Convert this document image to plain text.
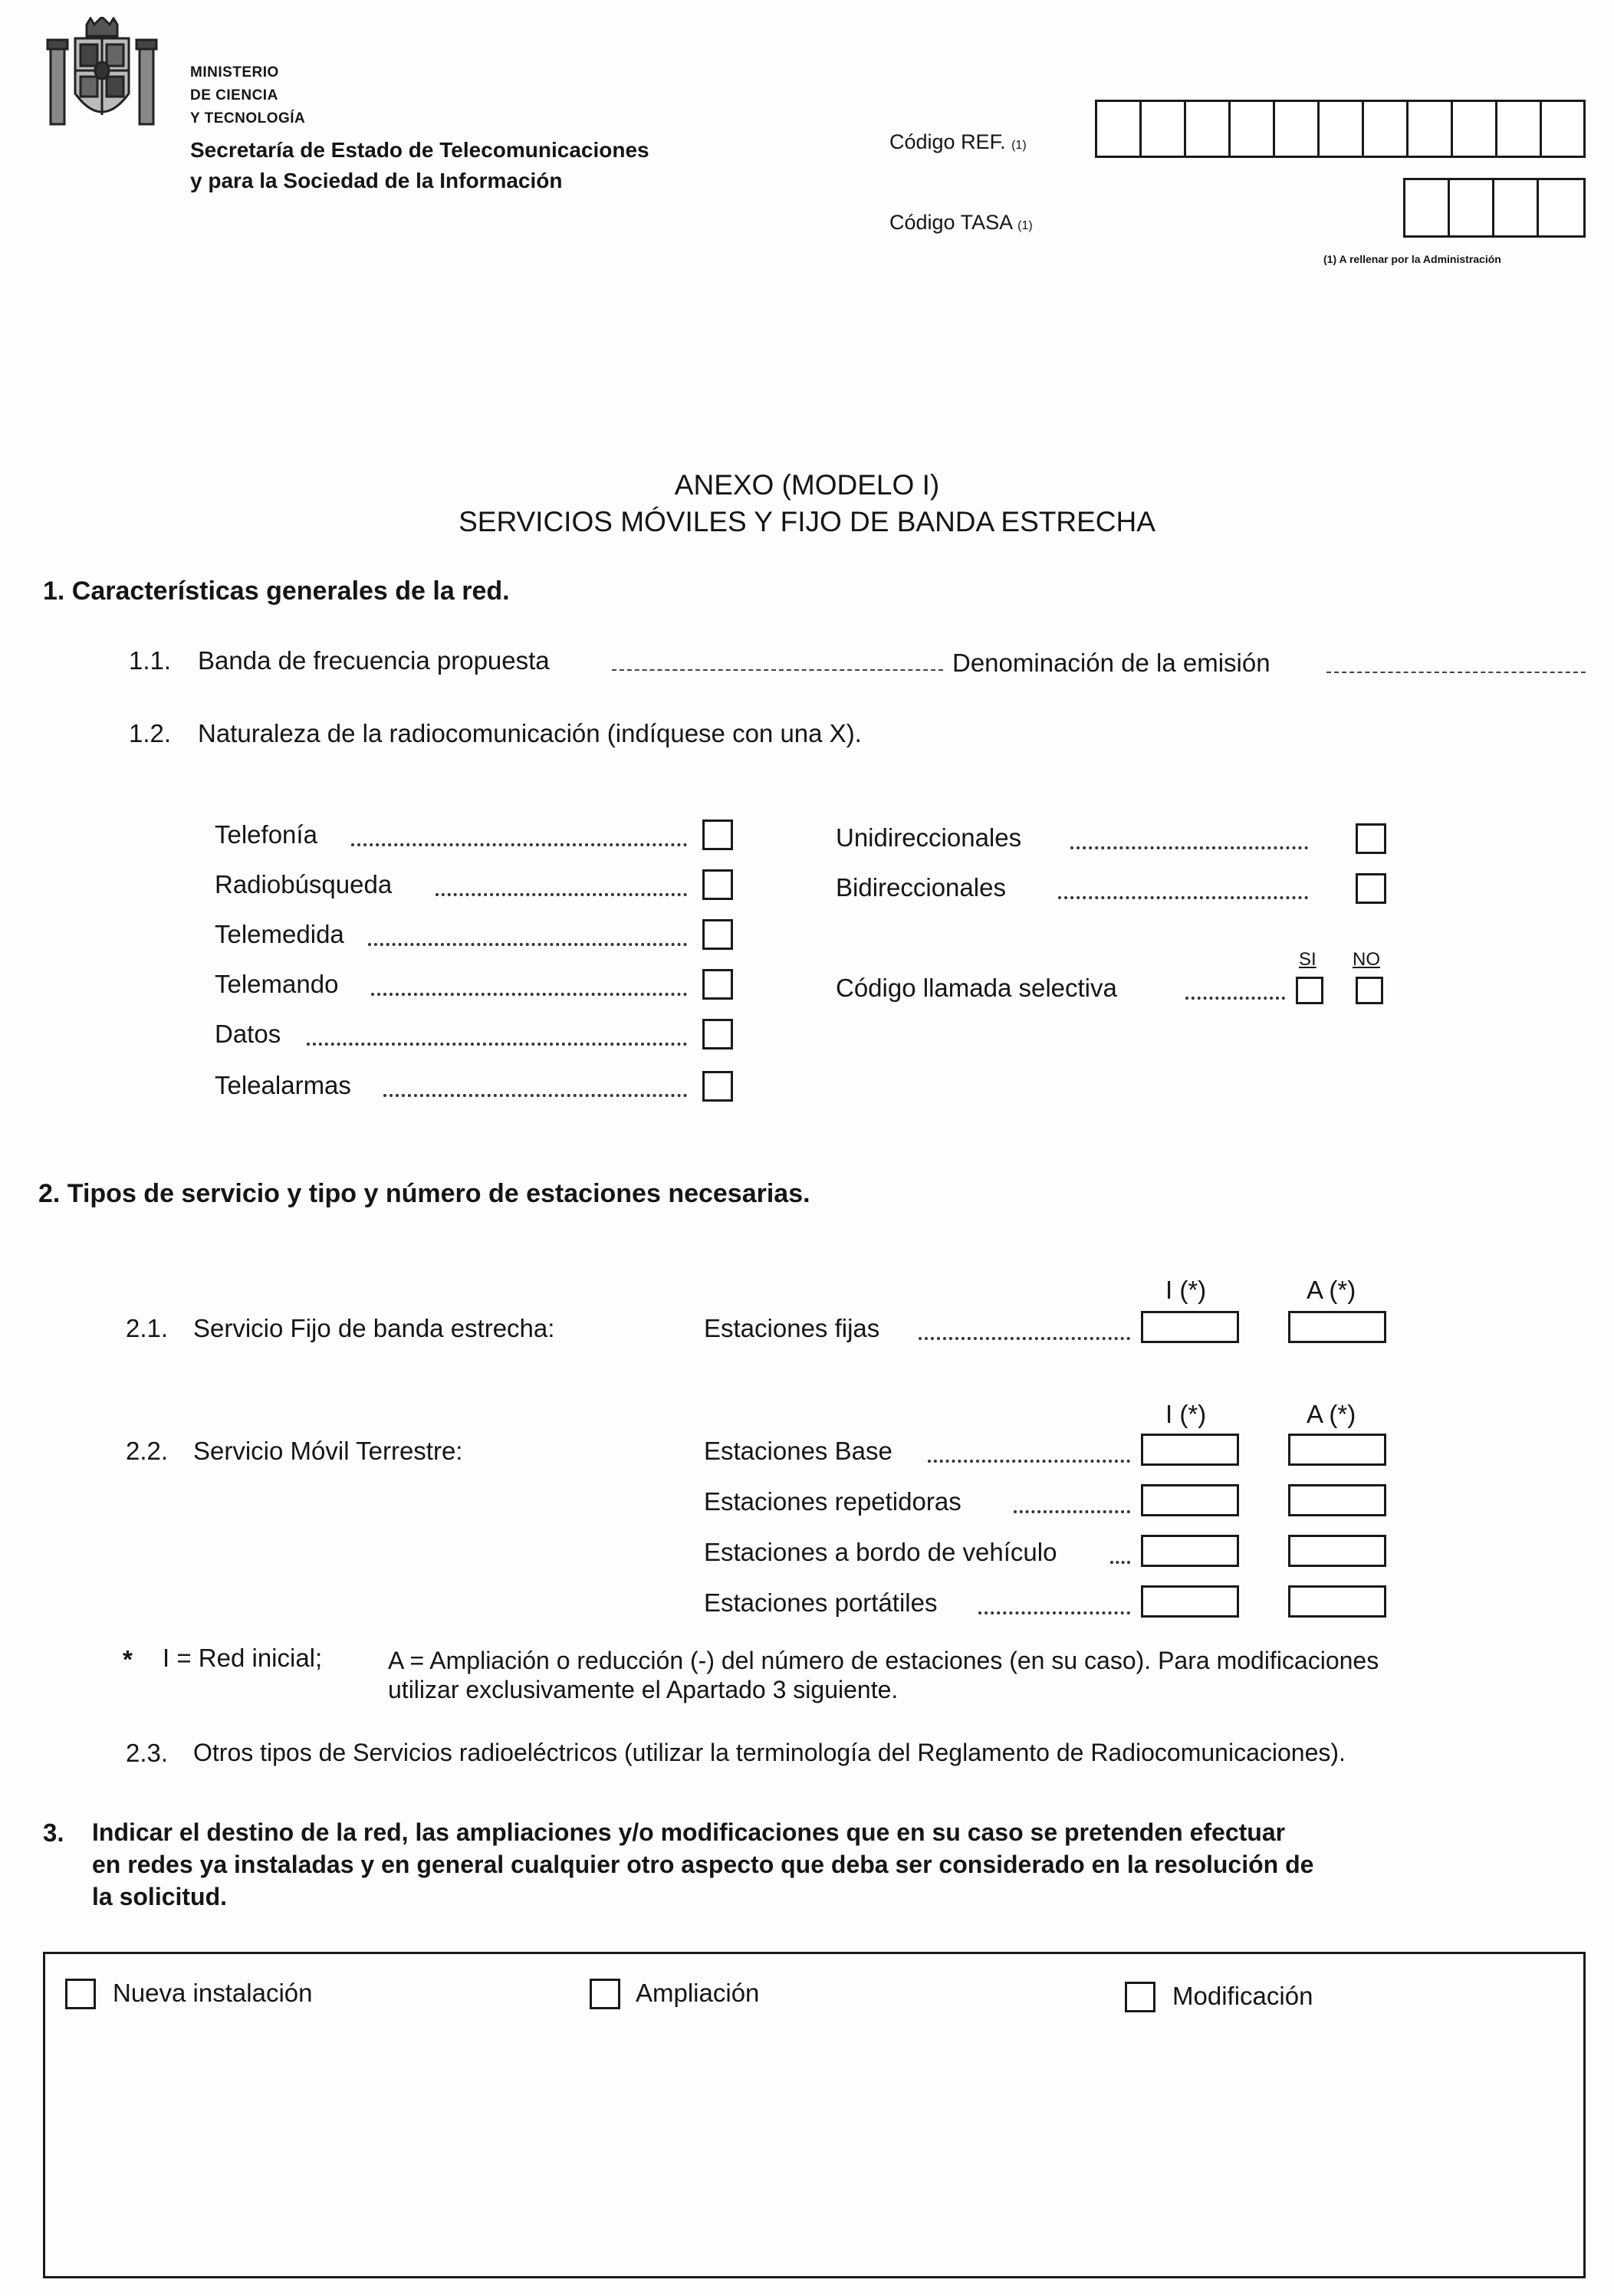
MINISTERIO
DE CIENCIA
Y TECNOLOGÍA
Secretaría de Estado de Telecomunicaciones
y para la Sociedad de la Información
Código REF. (1)
Código TASA (1)
(1) A rellenar por la Administración
ANEXO (MODELO I)
SERVICIOS MÓVILES Y FIJO DE BANDA ESTRECHA
1. Características generales de la red.
1.1. Banda de frecuencia propuesta	Denominación de la emisión
1.2. Naturaleza de la radiocomunicación (indíquese con una X).
Telefonía
Radiobúsqueda
Telemedida
Telemando
Datos
Telealarmas
Unidireccionales
Bidireccionales
SI NO
Código llamada selectiva
2. Tipos de servicio y tipo y número de estaciones necesarias.
I (*)	A (*)
2.1. Servicio Fijo de banda estrecha:	Estaciones fijas
I (*)	A (*)
2.2. Servicio Móvil Terrestre:	Estaciones Base
Estaciones repetidoras
Estaciones a bordo de vehículo
Estaciones portátiles
* I = Red inicial;	A = Ampliación o reducción (-) del número de estaciones (en su caso). Para modificaciones
utilizar exclusivamente el Apartado 3 siguiente.
2.3. Otros tipos de Servicios radioeléctricos (utilizar la terminología del Reglamento de Radiocomunicaciones).
3. Indicar el destino de la red, las ampliaciones y/o modificaciones que en su caso se pretenden efectuar
en redes ya instaladas y en general cualquier otro aspecto que deba ser considerado en la resolución de
la solicitud.
Nueva instalación	Ampliación	Modificación
